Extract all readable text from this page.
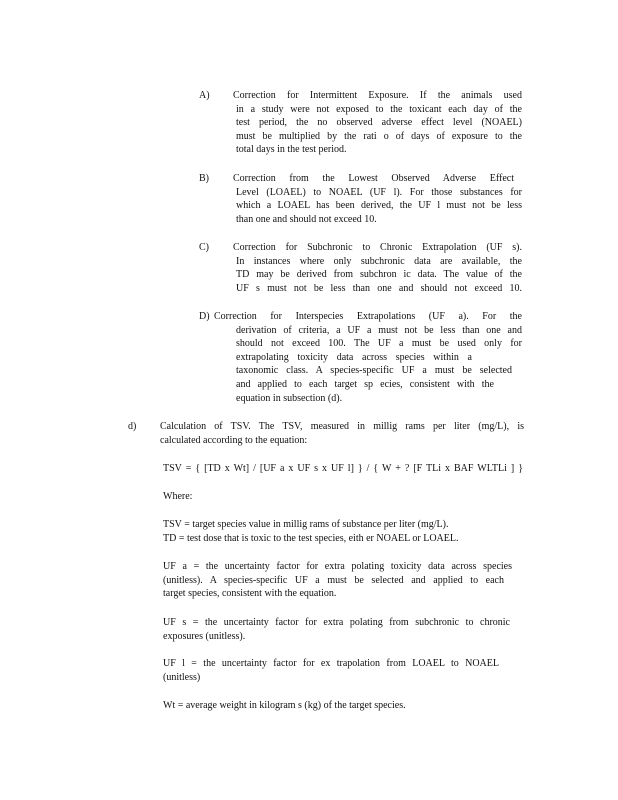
A) Correction for Intermittent Exposure. If the animals used
in a study were not exposed to the toxicant each day of the
test period, the no observed adverse effect level (NOAEL)
must be multiplied by the rati o of days of exposure to the
total days in the test period.
B) Correction from the Lowest Observed Adverse Effect
Level (LOAEL) to NOAEL (UF l). For those substances for
which a LOAEL has been derived, the UF l must not be less
than one and should not exceed 10.
C) Correction for Subchronic to Chronic Extrapolation (UF s).
In instances where only subchronic data are available, the
TD may be derived from subchron ic data. The value of the
UF s must not be less than one and should not exceed 10.
D) Correction for Interspecies Extrapolations (UF a). For the
derivation of criteria, a UF a must not be less than one and
should not exceed 100. The UF a must be used only for
extrapolating toxicity data across species within a
taxonomic class. A species-specific UF a must be selected
and applied to each target sp ecies, consistent with the
equation in subsection (d).
d) Calculation of TSV. The TSV, measured in millig rams per liter (mg/L), is
calculated according to the equation:
TSV = { [TD x Wt] / [UF a x UF s x UF l] } / { W + ? [F TLi x BAF WLTLi ] }
Where:
TSV = target species value in millig rams of substance per liter (mg/L).
TD = test dose that is toxic to the test species, eith er NOAEL or LOAEL.
UF a = the uncertainty factor for extra polating toxicity data across species
(unitless). A species-specific UF a must be selected and applied to each
target species, consistent with the equation.
UF s = the uncertainty factor for extra polating from subchronic to chronic
exposures (unitless).
UF l = the uncertainty factor for ex trapolation from LOAEL to NOAEL
(unitless)
Wt = average weight in kilogram s (kg) of the target species.
